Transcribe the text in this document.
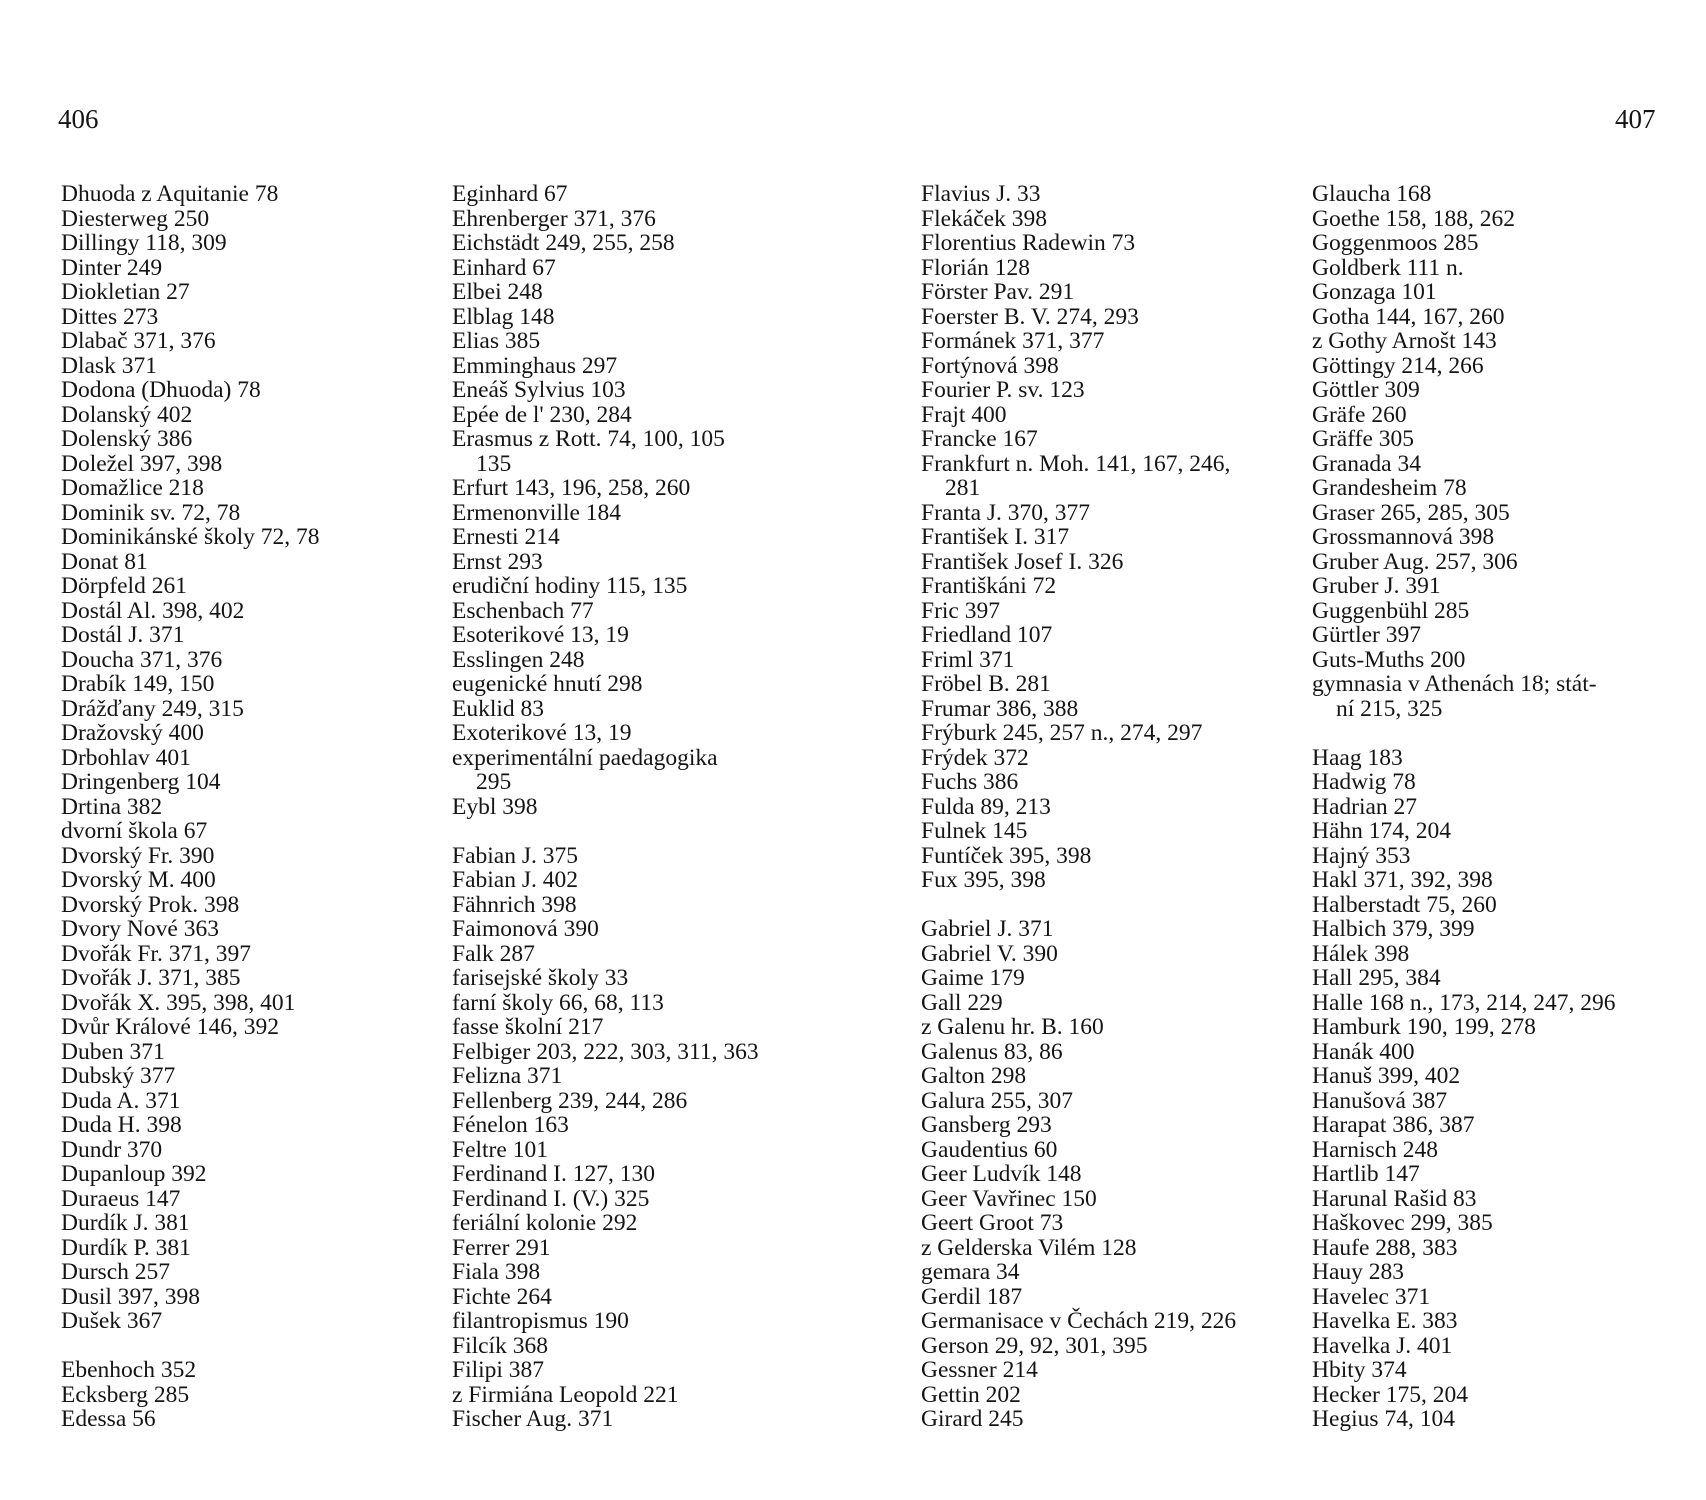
406	407
Dhuoda z Aquitanie 78
Diesterweg 250
Dillingy 118, 309
Dinter 249
Diokletian 27
Dittes 273
Dlabač 371, 376
Dlask 371
Dodona (Dhuoda) 78
Dolanský 402
Dolenský 386
Doležel 397, 398
Domažlice 218
Dominik sv. 72, 78
Dominikánské školy 72, 78
Donat 81
Dörpfeld 261
Dostál Al. 398, 402
Dostál J. 371
Doucha 371, 376
Drabík 149, 150
Drážďany 249, 315
Dražovský 400
Drbohlav 401
Dringenberg 104
Drtina 382
dvorní škola 67
Dvorský Fr. 390
Dvorský M. 400
Dvorský Prok. 398
Dvory Nové 363
Dvořák Fr. 371, 397
Dvořák J. 371, 385
Dvořák X. 395, 398, 401
Dvůr Králové 146, 392
Duben 371
Dubský 377
Duda A. 371
Duda H. 398
Dundr 370
Dupanloup 392
Duraeus 147
Durdík J. 381
Durdík P. 381
Dursch 257
Dusil 397, 398
Dušek 367
Ebenhoch 352
Ecksberg 285
Edessa 56
Eginhard 67
Ehrenberger 371, 376
Eichstädt 249, 255, 258
Einhard 67
Elbei 248
Elblag 148
Elias 385
Emminghaus 297
Eneáš Sylvius 103
Epée de l' 230, 284
Erasmus z Rott. 74, 100, 105
135
Erfurt 143, 196, 258, 260
Ermenonville 184
Ernesti 214
Ernst 293
erudiční hodiny 115, 135
Eschenbach 77
Esoterikové 13, 19
Esslingen 248
eugenické hnutí 298
Euklid 83
Exoterikové 13, 19
experimentální paedagogika
295
Eybl 398
Fabian J. 375
Fabian J. 402
Fähnrich 398
Faimonová 390
Falk 287
farisejské školy 33
farní školy 66, 68, 113
fasse školní 217
Felbiger 203, 222, 303, 311, 363
Felizna 371
Fellenberg 239, 244, 286
Fénelon 163
Feltre 101
Ferdinand I. 127, 130
Ferdinand I. (V.) 325
feriální kolonie 292
Ferrer 291
Fiala 398
Fichte 264
filantropismus 190
Filcík 368
Filipi 387
z Firmiána Leopold 221
Fischer Aug. 371
Flavius J. 33
Flekáček 398
Florentius Radewin 73
Florián 128
Förster Pav. 291
Foerster B. V. 274, 293
Formánek 371, 377
Fortýnová 398
Fourier P. sv. 123
Frajt 400
Francke 167
Frankfurt n. Moh. 141, 167, 246,
281
Franta J. 370, 377
František I. 317
František Josef I. 326
Františkáni 72
Fric 397
Friedland 107
Friml 371
Fröbel B. 281
Frumar 386, 388
Frýburk 245, 257 n., 274, 297
Frýdek 372
Fuchs 386
Fulda 89, 213
Fulnek 145
Funtíček 395, 398
Fux 395, 398
Gabriel J. 371
Gabriel V. 390
Gaime 179
Gall 229
z Galenu hr. B. 160
Galenus 83, 86
Galton 298
Galura 255, 307
Gansberg 293
Gaudentius 60
Geer Ludvík 148
Geer Vavřinec 150
Geert Groot 73
z Gelderska Vilém 128
gemara 34
Gerdil 187
Germanisace v Čechách 219, 226
Gerson 29, 92, 301, 395
Gessner 214
Gettin 202
Girard 245
Glaucha 168
Goethe 158, 188, 262
Goggenmoos 285
Goldberk 111 n.
Gonzaga 101
Gotha 144, 167, 260
z Gothy Arnošt 143
Göttingy 214, 266
Göttler 309
Gräfe 260
Gräffe 305
Granada 34
Grandesheim 78
Graser 265, 285, 305
Grossmannová 398
Gruber Aug. 257, 306
Gruber J. 391
Guggenbühl 285
Gürtler 397
Guts-Muths 200
gymnasia v Athenách 18; stát-
ní 215, 325
Haag 183
Hadwig 78
Hadrian 27
Hähn 174, 204
Hajný 353
Hakl 371, 392, 398
Halberstadt 75, 260
Halbich 379, 399
Hálek 398
Hall 295, 384
Halle 168 n., 173, 214, 247, 296
Hamburk 190, 199, 278
Hanák 400
Hanuš 399, 402
Hanušová 387
Harapat 386, 387
Harnisch 248
Hartlib 147
Harunal Rašid 83
Haškovec 299, 385
Haufe 288, 383
Hauy 283
Havelec 371
Havelka E. 383
Havelka J. 401
Hbity 374
Hecker 175, 204
Hegius 74, 104
